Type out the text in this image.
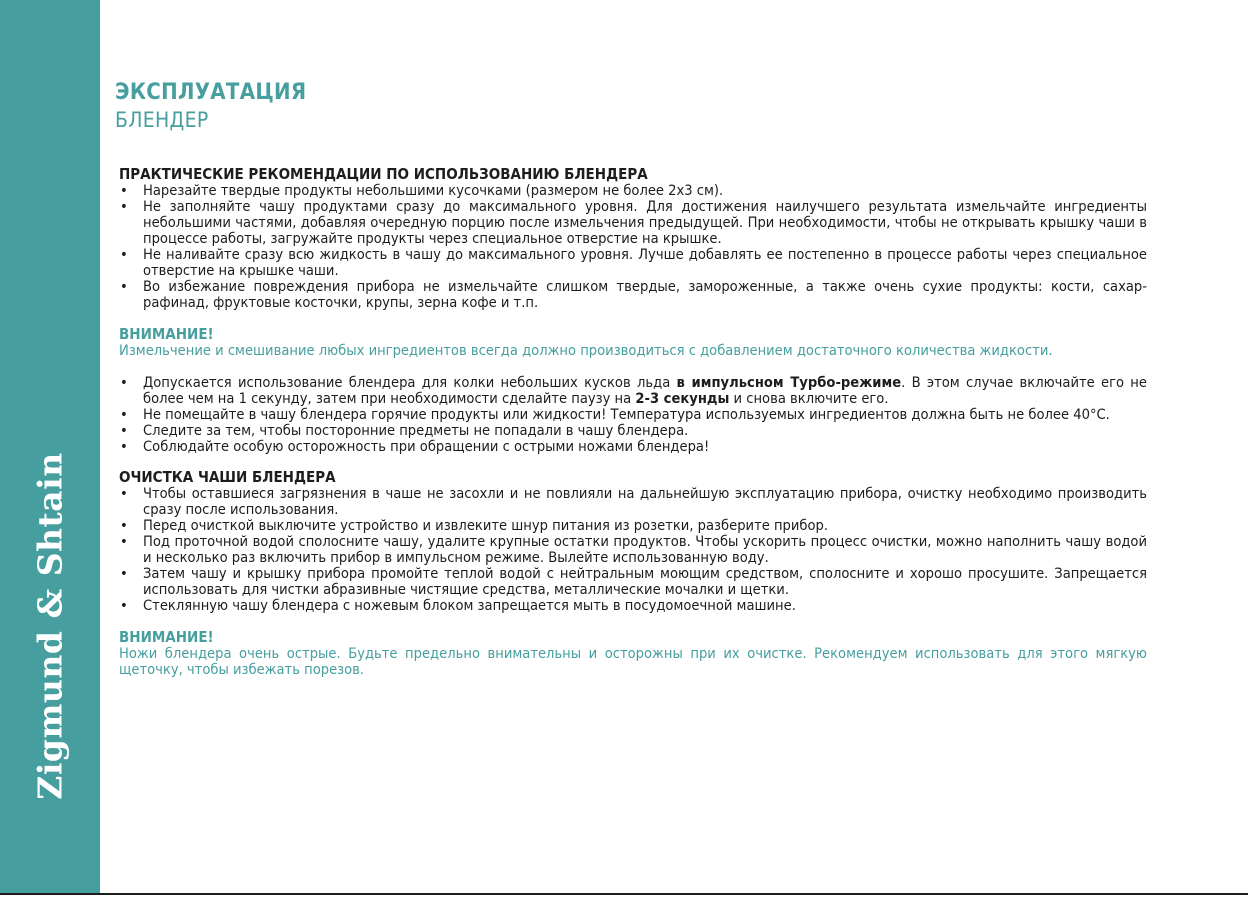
Zigmund & Shtain
ЭКСПЛУАТАЦИЯ
БЛЕНДЕР
ПРАКТИЧЕСКИЕ РЕКОМЕНДАЦИИ ПО ИСПОЛЬЗОВАНИЮ БЛЕНДЕРА
• Нарезайте твердые продукты небольшими кусочками (размером не более 2х3 см).
• Не заполняйте чашу продуктами сразу до максимального уровня. Для достижения наилучшего результата измельчайте ингредиенты небольшими частями, добавляя очередную порцию после измельчения предыдущей. При необходимости, чтобы не открывать крышку чаши в процессе работы, загружайте продукты через специальное отверстие на крышке.
• Не наливайте сразу всю жидкость в чашу до максимального уровня. Лучше добавлять ее постепенно в процессе работы через специальное отверстие на крышке чаши.
• Во избежание повреждения прибора не измельчайте слишком твердые, замороженные, а также очень сухие продукты: кости, сахар-рафинад, фруктовые косточки, крупы, зерна кофе и т.п.
ВНИМАНИЕ!

Измельчение и смешивание любых ингредиентов всегда должно производиться с добавлением достаточного количества жидкости.

• Допускается использование блендера для колки небольших кусков льда в импульсном Турбо-режиме. В этом случае включайте его не более чем на 1 секунду, затем при необходимости сделайте паузу на 2-3 секунды и снова включите его.
• Не помещайте в чашу блендера горячие продукты или жидкости! Температура используемых ингредиентов должна быть не более 40°С.
• Следите за тем, чтобы посторонние предметы не попадали в чашу блендера.
• Соблюдайте особую осторожность при обращении с острыми ножами блендера!
ОЧИСТКА ЧАШИ БЛЕНДЕРА
• Чтобы оставшиеся загрязнения в чаше не засохли и не повлияли на дальнейшую эксплуатацию прибора, очистку необходимо производить сразу после использования.
• Перед очисткой выключите устройство и извлеките шнур питания из розетки, разберите прибор.
• Под проточной водой сполосните чашу, удалите крупные остатки продуктов. Чтобы ускорить процесс очистки, можно наполнить чашу водой и несколько раз включить прибор в импульсном режиме. Вылейте использованную воду.
• Затем чашу и крышку прибора промойте теплой водой с нейтральным моющим средством, сполосните и хорошо просушите. Запрещается использовать для чистки абразивные чистящие средства, металлические мочалки и щетки.
• Стеклянную чашу блендера с ножевым блоком запрещается мыть в посудомоечной машине.
ВНИМАНИЕ!

Ножи блендера очень острые. Будьте предельно внимательны и осторожны при их очистке. Рекомендуем использовать для этого мягкую щеточку, чтобы избежать порезов.
